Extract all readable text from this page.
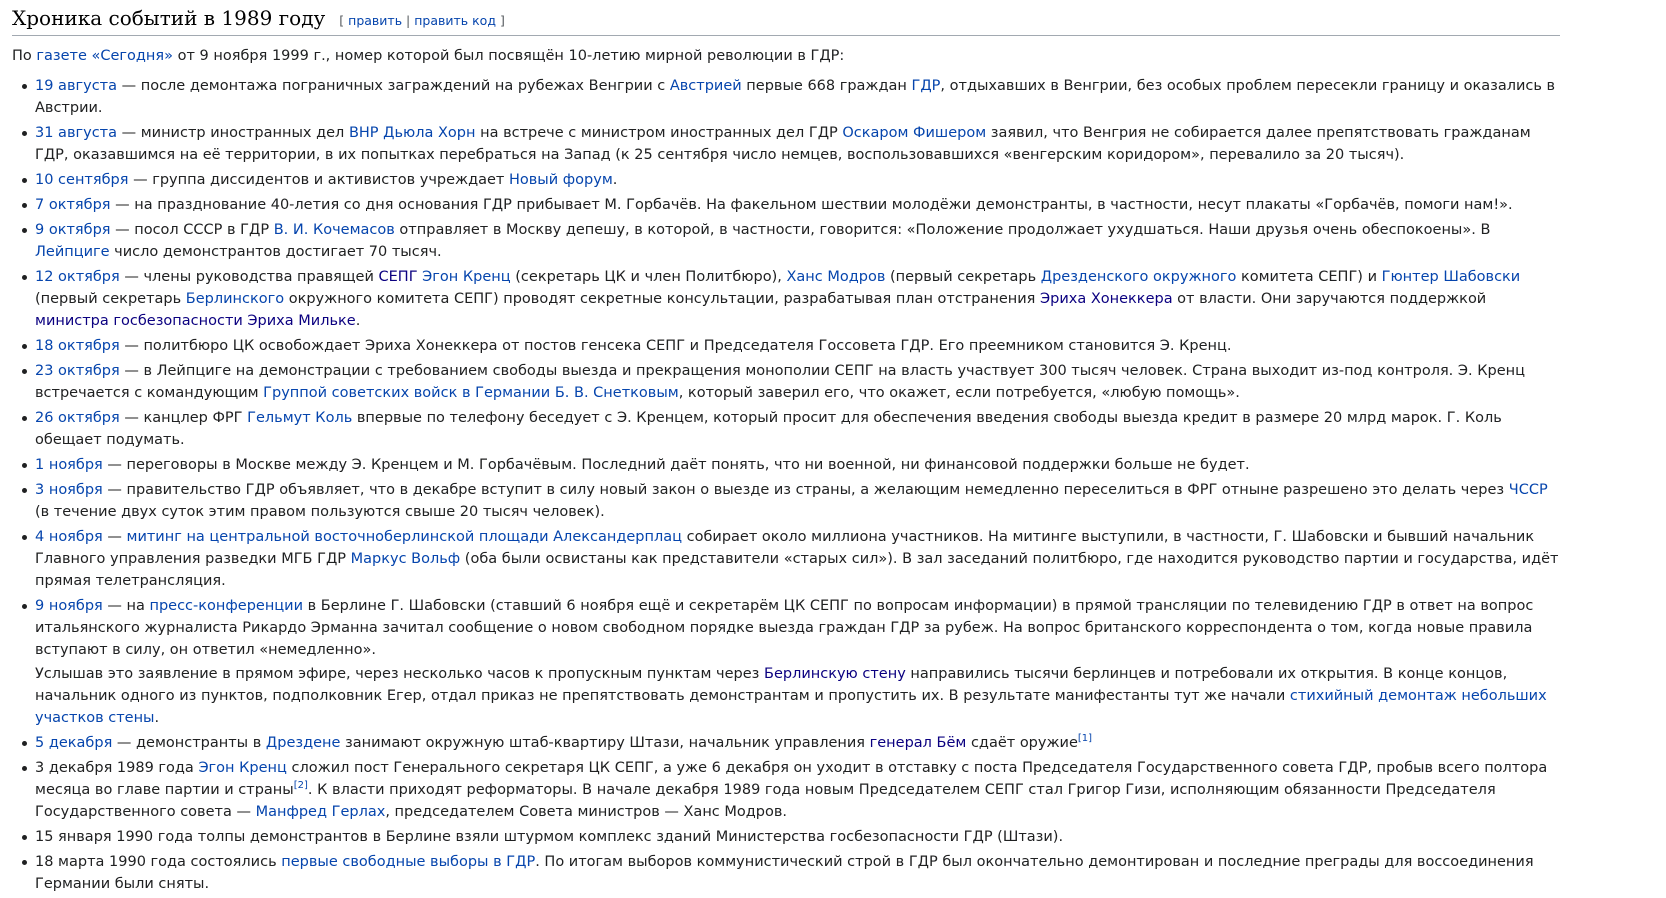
Хроника событий в 1989 году [ править | править код ]

По газете «Сегодня» от 9 ноября 1999 г., номер которой был посвящён 10-летию мирной революции в ГДР:

19 августа — после демонтажа пограничных заграждений на рубежах Венгрии с Австрией первые 668 граждан ГДР, отдыхавших в Венгрии, без особых проблем пересекли границу и оказались в Австрии.
31 августа — министр иностранных дел ВНР Дьюла Хорн на встрече с министром иностранных дел ГДР Оскаром Фишером заявил, что Венгрия не собирается далее препятствовать гражданам ГДР, оказавшимся на её территории, в их попытках перебраться на Запад (к 25 сентября число немцев, воспользовавшихся «венгерским коридором», перевалило за 20 тысяч).
10 сентября — группа диссидентов и активистов учреждает Новый форум.
7 октября — на празднование 40-летия со дня основания ГДР прибывает М. Горбачёв. На факельном шествии молодёжи демонстранты, в частности, несут плакаты «Горбачёв, помоги нам!».
9 октября — посол СССР в ГДР В. И. Кочемасов отправляет в Москву депешу, в которой, в частности, говорится: «Положение продолжает ухудшаться. Наши друзья очень обеспокоены». В Лейпциге число демонстрантов достигает 70 тысяч.
12 октября — члены руководства правящей СЕПГ Эгон Кренц (секретарь ЦК и член Политбюро), Ханс Модров (первый секретарь Дрезденского окружного комитета СЕПГ) и Гюнтер Шабовски (первый секретарь Берлинского окружного комитета СЕПГ) проводят секретные консультации, разрабатывая план отстранения Эриха Хонеккера от власти. Они заручаются поддержкой министра госбезопасности Эриха Мильке.
18 октября — политбюро ЦК освобождает Эриха Хонеккера от постов генсека СЕПГ и Председателя Госсовета ГДР. Его преемником становится Э. Кренц.
23 октября — в Лейпциге на демонстрации с требованием свободы выезда и прекращения монополии СЕПГ на власть участвует 300 тысяч человек. Страна выходит из-под контроля. Э. Кренц встречается с командующим Группой советских войск в Германии Б. В. Снетковым, который заверил его, что окажет, если потребуется, «любую помощь».
26 октября — канцлер ФРГ Гельмут Коль впервые по телефону беседует с Э. Кренцем, который просит для обеспечения введения свободы выезда кредит в размере 20 млрд марок. Г. Коль обещает подумать.
1 ноября — переговоры в Москве между Э. Кренцем и М. Горбачёвым. Последний даёт понять, что ни военной, ни финансовой поддержки больше не будет.
3 ноября — правительство ГДР объявляет, что в декабре вступит в силу новый закон о выезде из страны, а желающим немедленно переселиться в ФРГ отныне разрешено это делать через ЧССР (в течение двух суток этим правом пользуются свыше 20 тысяч человек).
4 ноября — митинг на центральной восточноберлинской площади Александерплац собирает около миллиона участников. На митинге выступили, в частности, Г. Шабовски и бывший начальник Главного управления разведки МГБ ГДР Маркус Вольф (оба были освистаны как представители «старых сил»). В зал заседаний политбюро, где находится руководство партии и государства, идёт прямая телетрансляция.
9 ноября — на пресс-конференции в Берлине Г. Шабовски (ставший 6 ноября ещё и секретарём ЦК СЕПГ по вопросам информации) в прямой трансляции по телевидению ГДР в ответ на вопрос итальянского журналиста Рикардо Эрманна зачитал сообщение о новом свободном порядке выезда граждан ГДР за рубеж. На вопрос британского корреспондента о том, когда новые правила вступают в силу, он ответил «немедленно».
Услышав это заявление в прямом эфире, через несколько часов к пропускным пунктам через Берлинскую стену направились тысячи берлинцев и потребовали их открытия. В конце концов, начальник одного из пунктов, подполковник Егер, отдал приказ не препятствовать демонстрантам и пропустить их. В результате манифестанты тут же начали стихийный демонтаж небольших участков стены.
5 декабря — демонстранты в Дрездене занимают окружную штаб-квартиру Штази, начальник управления генерал Бём сдаёт оружие[1]
3 декабря 1989 года Эгон Кренц сложил пост Генерального секретаря ЦК СЕПГ, а уже 6 декабря он уходит в отставку с поста Председателя Государственного совета ГДР, пробыв всего полтора месяца во главе партии и страны[2]. К власти приходят реформаторы. В начале декабря 1989 года новым Председателем СЕПГ стал Григор Гизи, исполняющим обязанности Председателя Государственного совета — Манфред Герлах, председателем Совета министров — Ханс Модров.
15 января 1990 года толпы демонстрантов в Берлине взяли штурмом комплекс зданий Министерства госбезопасности ГДР (Штази).
18 марта 1990 года состоялись первые свободные выборы в ГДР. По итогам выборов коммунистический строй в ГДР был окончательно демонтирован и последние преграды для воссоединения Германии были сняты.
